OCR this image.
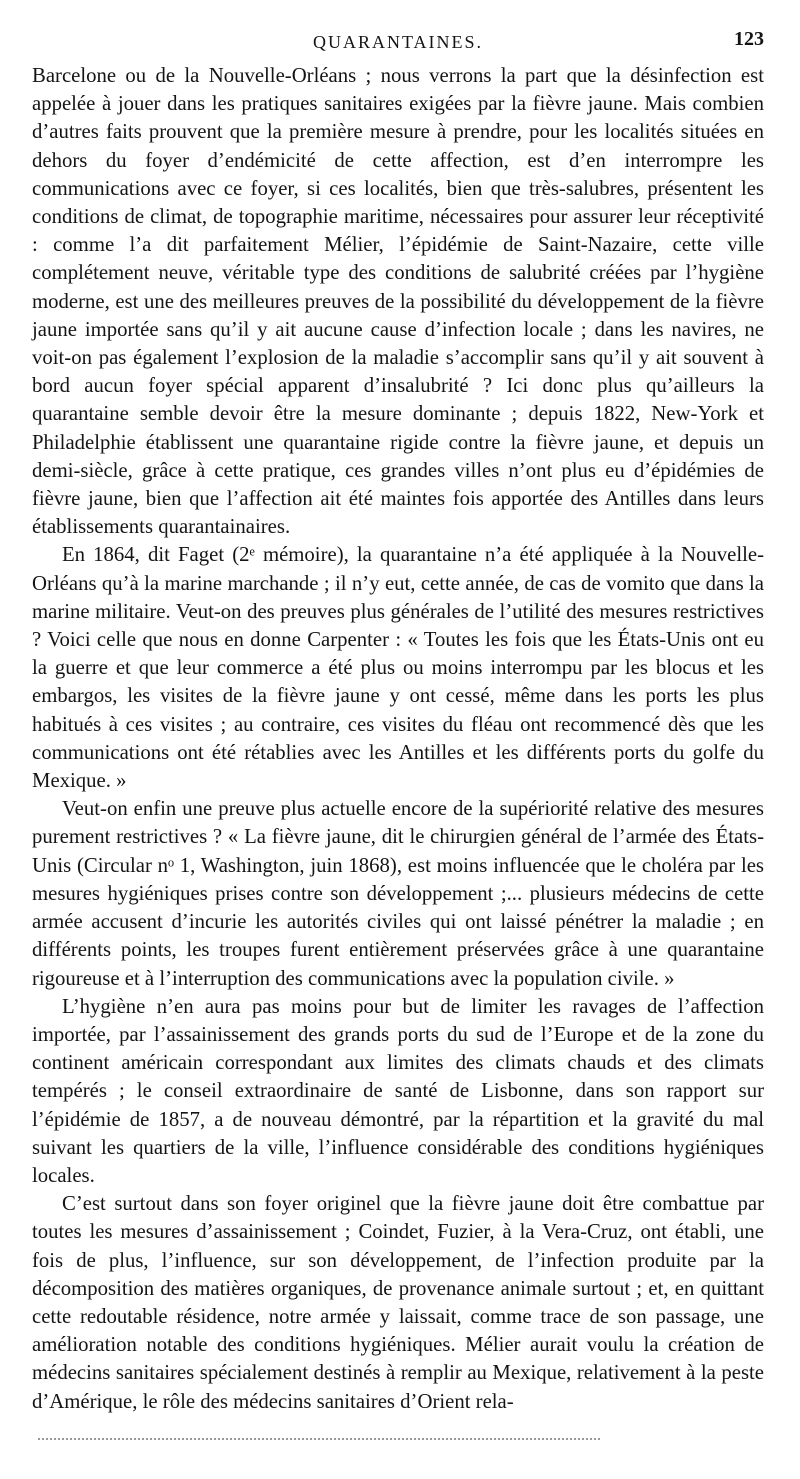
QUARANTAINES.	123

Barcelone ou de la Nouvelle-Orléans ; nous verrons la part que la désinfection est appelée à jouer dans les pratiques sanitaires exigées par la fièvre jaune. Mais combien d’autres faits prouvent que la première mesure à prendre, pour les localités situées en dehors du foyer d’endémicité de cette affection, est d’en interrompre les communications avec ce foyer, si ces localités, bien que très-salubres, présentent les conditions de climat, de topographie maritime, nécessaires pour assurer leur réceptivité : comme l’a dit parfaitement Mélier, l’épidémie de Saint-Nazaire, cette ville complétement neuve, véritable type des conditions de salubrité créées par l’hygiène moderne, est une des meilleures preuves de la possibilité du développement de la fièvre jaune importée sans qu’il y ait aucune cause d’infection locale ; dans les navires, ne voit-on pas également l’explosion de la maladie s’accomplir sans qu’il y ait souvent à bord aucun foyer spécial apparent d’insalubrité ? Ici donc plus qu’ailleurs la quarantaine semble devoir être la mesure dominante ; depuis 1822, New-York et Philadelphie établissent une quarantaine rigide contre la fièvre jaune, et depuis un demi-siècle, grâce à cette pratique, ces grandes villes n’ont plus eu d’épidémies de fièvre jaune, bien que l’affection ait été maintes fois apportée des Antilles dans leurs établissements quarantainaires.

En 1864, dit Faget (2ᵉ mémoire), la quarantaine n’a été appliquée à la Nouvelle-Orléans qu’à la marine marchande ; il n’y eut, cette année, de cas de vomito que dans la marine militaire. Veut-on des preuves plus générales de l’utilité des mesures restrictives ? Voici celle que nous en donne Carpenter : « Toutes les fois que les États-Unis ont eu la guerre et que leur commerce a été plus ou moins interrompu par les blocus et les embargos, les visites de la fièvre jaune y ont cessé, même dans les ports les plus habitués à ces visites ; au contraire, ces visites du fléau ont recommencé dès que les communications ont été rétablies avec les Antilles et les différents ports du golfe du Mexique. »

Veut-on enfin une preuve plus actuelle encore de la supériorité relative des mesures purement restrictives ? « La fièvre jaune, dit le chirurgien général de l’armée des États-Unis (Circular nᵒ 1, Washington, juin 1868), est moins influencée que le choléra par les mesures hygiéniques prises contre son développement ;... plusieurs médecins de cette armée accusent d’incurie les autorités civiles qui ont laissé pénétrer la maladie ; en différents points, les troupes furent entièrement préservées grâce à une quarantaine rigoureuse et à l’interruption des communications avec la population civile. »

L’hygiène n’en aura pas moins pour but de limiter les ravages de l’affection importée, par l’assainissement des grands ports du sud de l’Europe et de la zone du continent américain correspondant aux limites des climats chauds et des climats tempérés ; le conseil extraordinaire de santé de Lisbonne, dans son rapport sur l’épidémie de 1857, a de nouveau démontré, par la répartition et la gravité du mal suivant les quartiers de la ville, l’influence considérable des conditions hygiéniques locales.

C’est surtout dans son foyer originel que la fièvre jaune doit être combattue par toutes les mesures d’assainissement ; Coindet, Fuzier, à la Vera-Cruz, ont établi, une fois de plus, l’influence, sur son développement, de l’infection produite par la décomposition des matières organiques, de provenance animale surtout ; et, en quittant cette redoutable résidence, notre armée y laissait, comme trace de son passage, une amélioration notable des conditions hygiéniques. Mélier aurait voulu la création de médecins sanitaires spécialement destinés à remplir au Mexique, relativement à la peste d’Amérique, le rôle des médecins sanitaires d’Orient rela-
